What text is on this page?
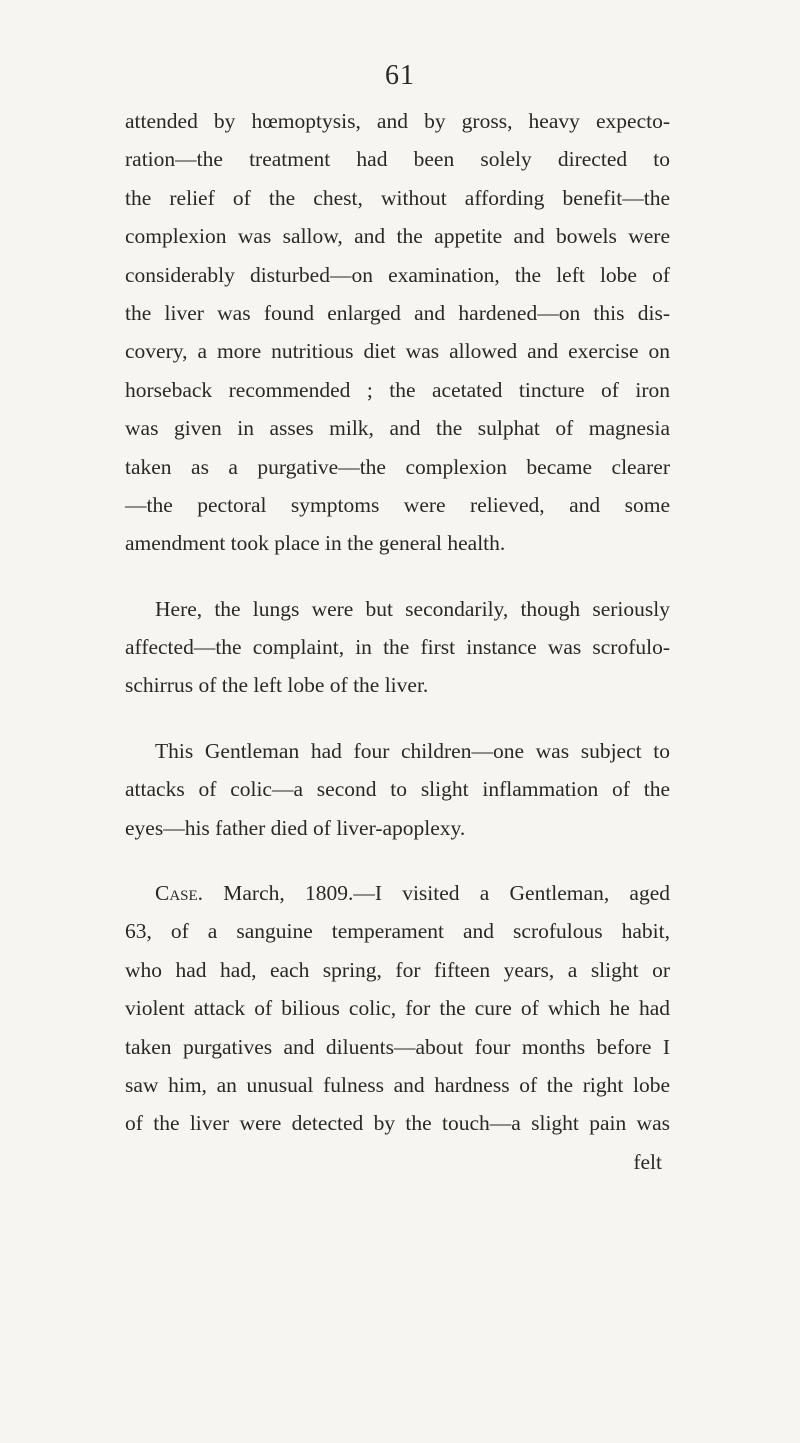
61
attended by hœmoptysis, and by gross, heavy expecto-
ration—the treatment had been solely directed to
the relief of the chest, without affording benefit—the
complexion was sallow, and the appetite and bowels were
considerably disturbed—on examination, the left lobe of
the liver was found enlarged and hardened—on this dis-
covery, a more nutritious diet was allowed and exercise on
horseback recommended ; the acetated tincture of iron
was given in asses milk, and the sulphat of magnesia
taken as a purgative—the complexion became clearer
—the pectoral symptoms were relieved, and some
amendment took place in the general health.
Here, the lungs were but secondarily, though seriously
affected—the complaint, in the first instance was scrofulo-
schirrus of the left lobe of the liver.
This Gentleman had four children—one was subject to
attacks of colic—a second to slight inflammation of the
eyes—his father died of liver-apoplexy.
Case. March, 1809.—I visited a Gentleman, aged
63, of a sanguine temperament and scrofulous habit,
who had had, each spring, for fifteen years, a slight or
violent attack of bilious colic, for the cure of which he had
taken purgatives and diluents—about four months before I
saw him, an unusual fulness and hardness of the right lobe
of the liver were detected by the touch—a slight pain was
felt
